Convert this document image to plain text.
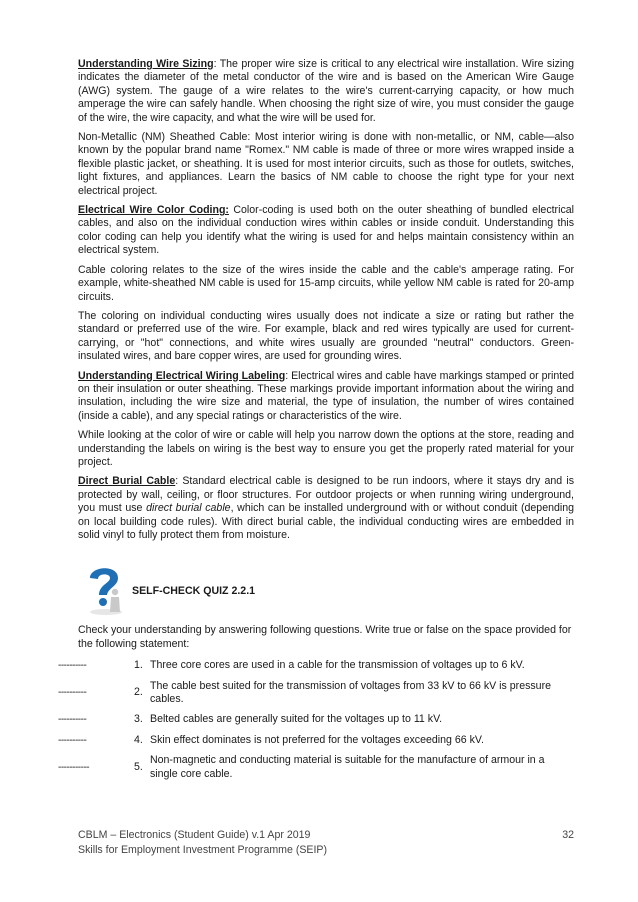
Understanding Wire Sizing: The proper wire size is critical to any electrical wire installation. Wire sizing indicates the diameter of the metal conductor of the wire and is based on the American Wire Gauge (AWG) system. The gauge of a wire relates to the wire's current-carrying capacity, or how much amperage the wire can safely handle. When choosing the right size of wire, you must consider the gauge of the wire, the wire capacity, and what the wire will be used for.

Non-Metallic (NM) Sheathed Cable: Most interior wiring is done with non-metallic, or NM, cable—also known by the popular brand name "Romex." NM cable is made of three or more wires wrapped inside a flexible plastic jacket, or sheathing. It is used for most interior circuits, such as those for outlets, switches, light fixtures, and appliances. Learn the basics of NM cable to choose the right type for your next electrical project.

Electrical Wire Color Coding: Color-coding is used both on the outer sheathing of bundled electrical cables, and also on the individual conduction wires within cables or inside conduit. Understanding this color coding can help you identify what the wiring is used for and helps maintain consistency within an electrical system.

Cable coloring relates to the size of the wires inside the cable and the cable's amperage rating. For example, white-sheathed NM cable is used for 15-amp circuits, while yellow NM cable is rated for 20-amp circuits.

The coloring on individual conducting wires usually does not indicate a size or rating but rather the standard or preferred use of the wire. For example, black and red wires typically are used for current-carrying, or "hot" connections, and white wires usually are grounded "neutral" conductors. Green-insulated wires, and bare copper wires, are used for grounding wires.

Understanding Electrical Wiring Labeling: Electrical wires and cable have markings stamped or printed on their insulation or outer sheathing. These markings provide important information about the wiring and insulation, including the wire size and material, the type of insulation, the number of wires contained (inside a cable), and any special ratings or characteristics of the wire.

While looking at the color of wire or cable will help you narrow down the options at the store, reading and understanding the labels on wiring is the best way to ensure you get the properly rated material for your project.

Direct Burial Cable: Standard electrical cable is designed to be run indoors, where it stays dry and is protected by wall, ceiling, or floor structures. For outdoor projects or when running wiring underground, you must use direct burial cable, which can be installed underground with or without conduit (depending on local building code rules). With direct burial cable, the individual conducting wires are embedded in solid vinyl to fully protect them from moisture.

SELF-CHECK QUIZ 2.2.1
Check your understanding by answering following questions. Write true or false on the space provided for the following statement:
----------	1. Three core cores are used in a cable for the transmission of voltages up to 6 kV.
----------	2.
The cable best suited for the transmission of voltages from 33 kV to 66 kV is pressure cables.
----------	3. Belted cables are generally suited for the voltages up to 11 kV.
----------	4. Skin effect dominates is not preferred for the voltages exceeding 66 kV.
-----------	5.
Non-magnetic and conducting material is suitable for the manufacture of armour in a single core cable.
CBLM – Electronics (Student Guide) v.1 Apr 2019
Skills for Employment Investment Programme (SEIP)
32
